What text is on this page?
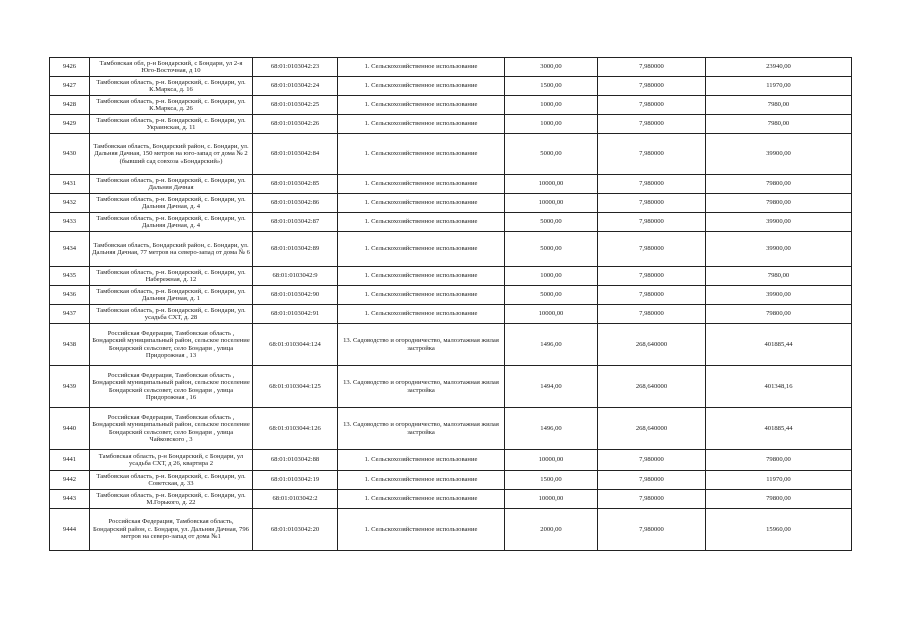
9426	Тамбовская обл, р-н Бондарский, с Бондари, ул 2-я Юго-Восточная, д 10	68:01:0103042:23	1. Сельскохозяйственное использование	3000,00	7,980000	23940,00
9427	Тамбовская область, р-н. Бондарский, с. Бондари, ул. К.Маркса, д. 16	68:01:0103042:24	1. Сельскохозяйственное использование	1500,00	7,980000	11970,00
9428	Тамбовская область, р-н. Бондарский, с. Бондари, ул. К.Маркса, д. 26	68:01:0103042:25	1. Сельскохозяйственное использование	1000,00	7,980000	7980,00
9429	Тамбовская область, р-н. Бондарский, с. Бондари, ул. Украинская, д. 11	68:01:0103042:26	1. Сельскохозяйственное использование	1000,00	7,980000	7980,00
9430	Тамбовская область, Бондарский район, с. Бондари, ул. Дальняя Дачная, 150 метров на юго-запад от дома № 2 (бывший сад совхоза «Бондарский»)	68:01:0103042:84	1. Сельскохозяйственное использование	5000,00	7,980000	39900,00
9431	Тамбовская область, р-н. Бондарский, с. Бондари, ул. Дальняя Дачная	68:01:0103042:85	1. Сельскохозяйственное использование	10000,00	7,980000	79800,00
9432	Тамбовская область, р-н. Бондарский, с. Бондари, ул. Дальняя Дачная, д. 4	68:01:0103042:86	1. Сельскохозяйственное использование	10000,00	7,980000	79800,00
9433	Тамбовская область, р-н. Бондарский, с. Бондари, ул. Дальняя Дачная, д. 4	68:01:0103042:87	1. Сельскохозяйственное использование	5000,00	7,980000	39900,00
9434	Тамбовская область, Бондарский район, с. Бондари, ул. Дальняя Дачная, 77 метров на северо-запад от дома № 6	68:01:0103042:89	1. Сельскохозяйственное использование	5000,00	7,980000	39900,00
9435	Тамбовская область, р-н. Бондарский, с. Бондари, ул. Набережная, д. 12	68:01:0103042:9	1. Сельскохозяйственное использование	1000,00	7,980000	7980,00
9436	Тамбовская область, р-н. Бондарский, с. Бондари, ул. Дальняя Дачная, д. 1	68:01:0103042:90	1. Сельскохозяйственное использование	5000,00	7,980000	39900,00
9437	Тамбовская область, р-н. Бондарский, с. Бондари, ул. усадьба СХТ, д. 28	68:01:0103042:91	1. Сельскохозяйственное использование	10000,00	7,980000	79800,00
9438	Российская Федерация, Тамбовская область , Бондарский муниципальный район, сельское поселение Бондарский сельсовет, село Бондари , улица Придорожная , 13	68:01:0103044:124	13. Садоводство и огородничество, малоэтажная жилая застройка	1496,00	268,640000	401885,44
9439	Российская Федерация, Тамбовская область , Бондарский муниципальный район, сельское поселение Бондарский сельсовет, село Бондари , улица Придорожная , 16	68:01:0103044:125	13. Садоводство и огородничество, малоэтажная жилая застройка	1494,00	268,640000	401348,16
9440	Российская Федерация, Тамбовская область , Бондарский муниципальный район, сельское поселение Бондарский сельсовет, село Бондари , улица Чайковского , 3	68:01:0103044:126	13. Садоводство и огородничество, малоэтажная жилая застройка	1496,00	268,640000	401885,44
9441	Тамбовская область, р-н Бондарский, с Бондари, ул усадьба СХТ, д 26, квартира 2	68:01:0103042:88	1. Сельскохозяйственное использование	10000,00	7,980000	79800,00
9442	Тамбовская область, р-н. Бондарский, с. Бондари, ул. Советская, д. 33	68:01:0103042:19	1. Сельскохозяйственное использование	1500,00	7,980000	11970,00
9443	Тамбовская область, р-н. Бондарский, с. Бондари, ул. М.Горького, д. 22	68:01:0103042:2	1. Сельскохозяйственное использование	10000,00	7,980000	79800,00
9444	Российская Федерация, Тамбовская область, Бондарский район, с. Бондари, ул. Дальняя Дачная, 796 метров на северо-запад от дома №1	68:01:0103042:20	1. Сельскохозяйственное использование	2000,00	7,980000	15960,00
